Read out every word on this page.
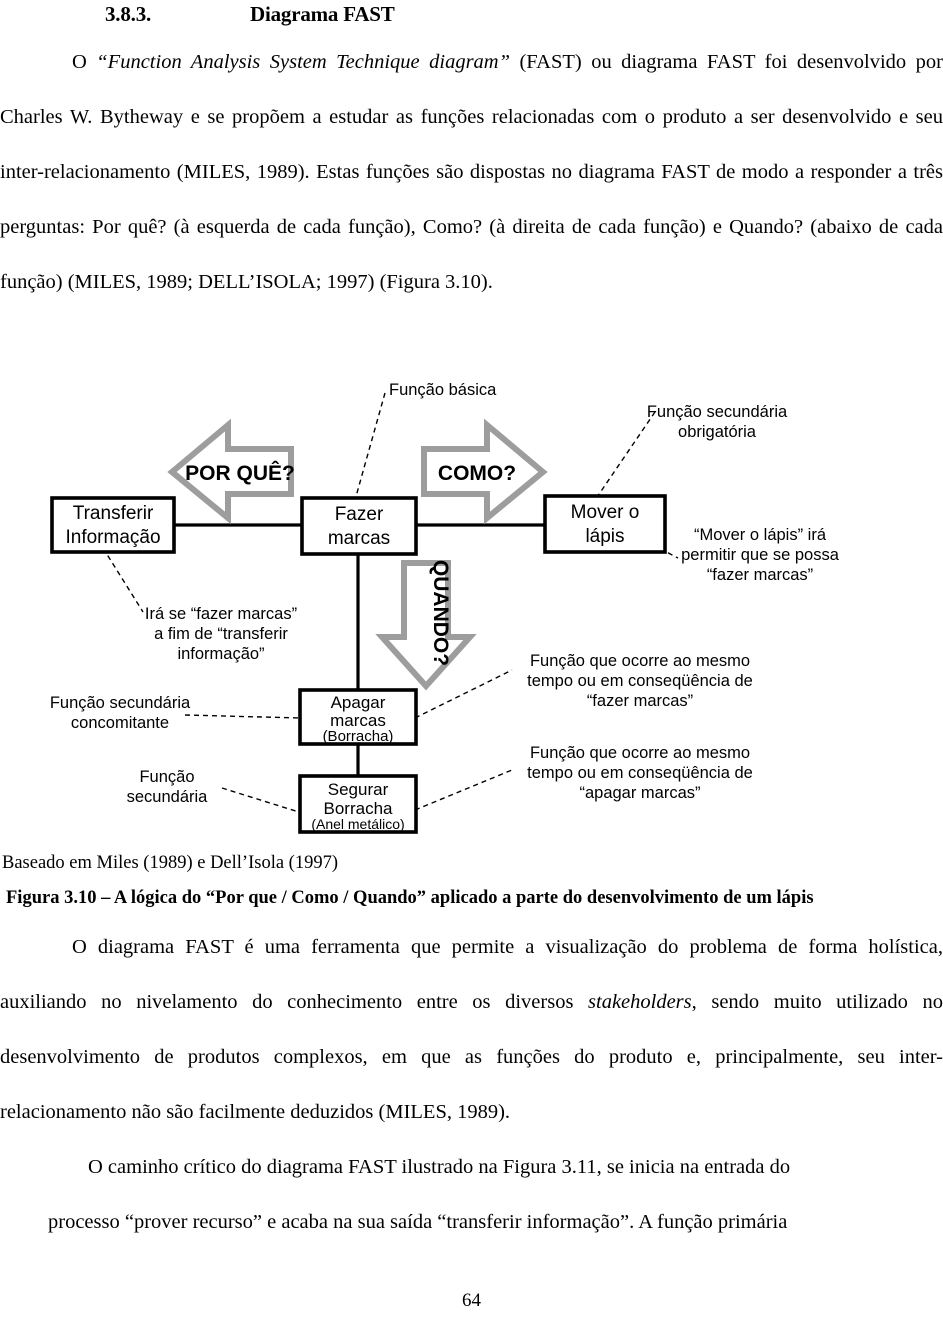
3.8.3.	Diagrama FAST
O “Function Analysis System Technique diagram” (FAST) ou diagrama FAST foi desenvolvido por Charles W. Bytheway e se propõem a estudar as funções relacionadas com o produto a ser desenvolvido e seu inter-relacionamento (MILES, 1989). Estas funções são dispostas no diagrama FAST de modo a responder a três perguntas: Por quê? (à esquerda de cada função), Como? (à direita de cada função) e Quando? (abaixo de cada função) (MILES, 1989; DELL’ISOLA; 1997) (Figura 3.10).
POR QUÊ?	COMO?
QUANDO?
Transferir
Informação
Fazer
marcas
Mover o
lápis
Apagar
marcas
(Borracha)
Segurar
Borracha
(Anel metálico)
Função básica
Função secundária
obrigatória
“Mover o lápis” irá
permitir que se possa
“fazer marcas”
Irá se “fazer marcas”
a fim de “transferir
informação”
Função secundária
concomitante
Função
secundária
Função que ocorre ao mesmo
tempo ou em conseqüência de
“fazer marcas”
Função que ocorre ao mesmo
tempo ou em conseqüência de
“apagar marcas”
Baseado em Miles (1989) e Dell’Isola (1997)
Figura 3.10 – A lógica do “Por que / Como / Quando” aplicado a parte do desenvolvimento de um lápis
O diagrama FAST é uma ferramenta que permite a visualização do problema de forma holística, auxiliando no nivelamento do conhecimento entre os diversos stakeholders, sendo muito utilizado no desenvolvimento de produtos complexos, em que as funções do produto e, principalmente, seu inter-relacionamento não são facilmente deduzidos (MILES, 1989).
O caminho crítico do diagrama FAST ilustrado na Figura 3.11, se inicia na entrada do
processo “prover recurso” e acaba na sua saída “transferir informação”. A função primária
64
